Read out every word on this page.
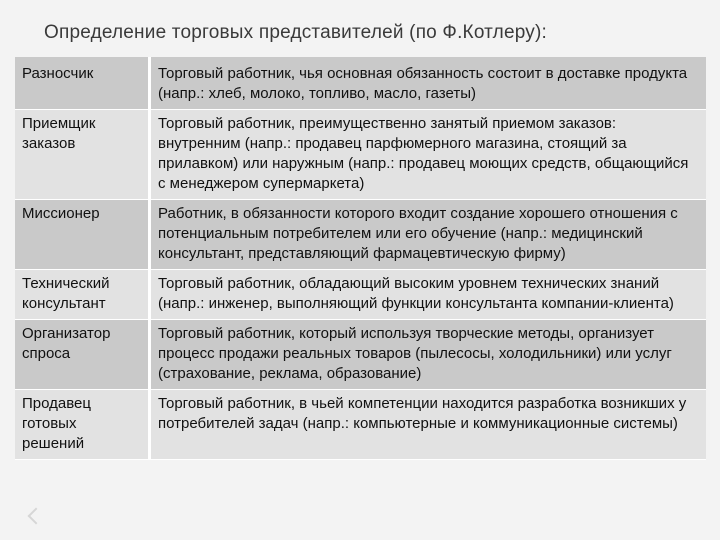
Определение торговых представителей (по Ф.Котлеру):
Разносчик	Торговый работник, чья основная обязанность состоит в доставке продукта (напр.: хлеб, молоко, топливо, масло, газеты)
Приемщик заказов	Торговый работник, преимущественно занятый приемом заказов: внутренним (напр.: продавец парфюмерного магазина, стоящий за прилавком) или наружным (напр.: продавец моющих средств, общающийся с менеджером супермаркета)
Миссионер	Работник, в обязанности которого входит создание хорошего отношения с потенциальным потребителем или его обучение (напр.: медицинский консультант, представляющий фармацевтическую фирму)
Технический консультант	Торговый работник, обладающий высоким уровнем технических знаний (напр.: инженер, выполняющий функции консультанта компании-клиента)
Организатор спроса	Торговый работник, который используя творческие методы, организует процесс продажи реальных товаров (пылесосы, холодильники) или услуг (страхование, реклама, образование)
Продавец готовых решений	Торговый работник, в чьей компетенции находится разработка возникших у потребителей задач (напр.: компьютерные и коммуникационные системы)
